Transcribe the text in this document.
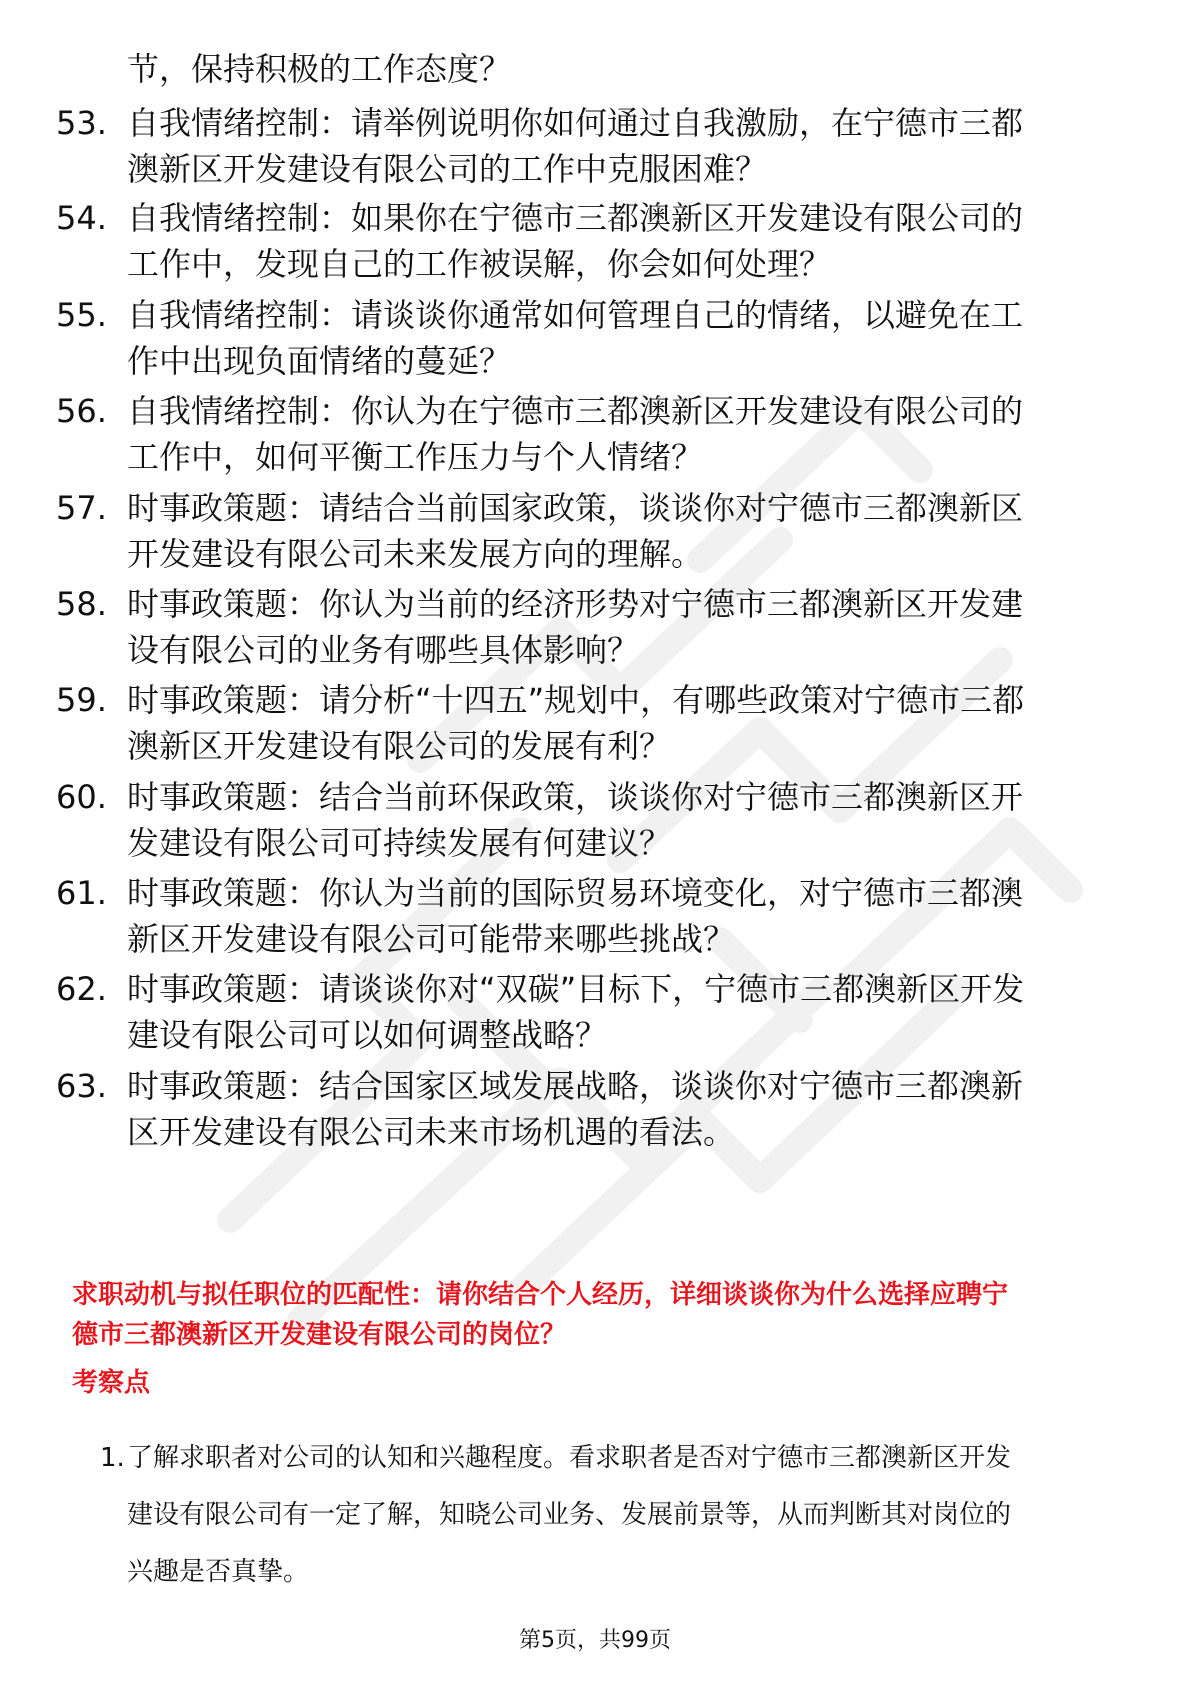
节，保持积极的工作态度？
53. 自我情绪控制：请举例说明你如何通过自我激励，在宁德市三都
澳新区开发建设有限公司的工作中克服困难？
54. 自我情绪控制：如果你在宁德市三都澳新区开发建设有限公司的
工作中，发现自己的工作被误解，你会如何处理？
55. 自我情绪控制：请谈谈你通常如何管理自己的情绪，以避免在工
作中出现负面情绪的蔓延？
56. 自我情绪控制：你认为在宁德市三都澳新区开发建设有限公司的
工作中，如何平衡工作压力与个人情绪？
57. 时事政策题：请结合当前国家政策，谈谈你对宁德市三都澳新区
开发建设有限公司未来发展方向的理解。
58. 时事政策题：你认为当前的经济形势对宁德市三都澳新区开发建
设有限公司的业务有哪些具体影响？
59. 时事政策题：请分析“十四五”规划中，有哪些政策对宁德市三都
澳新区开发建设有限公司的发展有利？
60. 时事政策题：结合当前环保政策，谈谈你对宁德市三都澳新区开
发建设有限公司可持续发展有何建议？
61. 时事政策题：你认为当前的国际贸易环境变化，对宁德市三都澳
新区开发建设有限公司可能带来哪些挑战？
62. 时事政策题：请谈谈你对“双碳”目标下，宁德市三都澳新区开发
建设有限公司可以如何调整战略？
63. 时事政策题：结合国家区域发展战略，谈谈你对宁德市三都澳新
区开发建设有限公司未来市场机遇的看法。
求职动机与拟任职位的匹配性：请你结合个人经历，详细谈谈你为什么选择应聘宁
德市三都澳新区开发建设有限公司的岗位？
考察点
1. 了解求职者对公司的认知和兴趣程度。看求职者是否对宁德市三都澳新区开发
建设有限公司有一定了解，知晓公司业务、发展前景等，从而判断其对岗位的
兴趣是否真挚。
第5页，共99页
